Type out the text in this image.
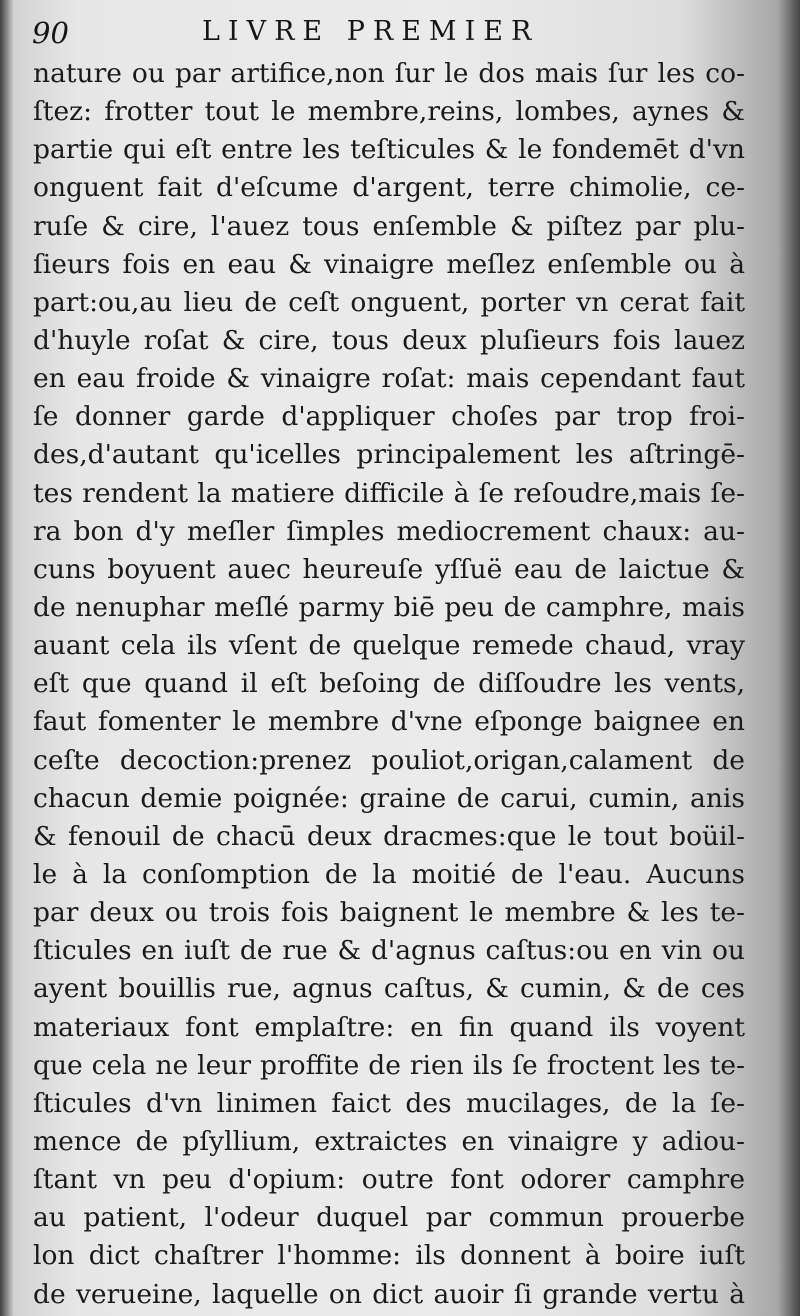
90	LIVRE PREMIER
nature ou par artifice,non ſur le dos mais ſur les co-
ſtez: frotter tout le membre,reins, lombes, aynes &
partie qui eſt entre les teſticules & le fondemēt d'vn
onguent fait d'eſcume d'argent, terre chimolie, ce-
ruſe & cire, l'auez tous enſemble & piſtez par plu-
ſieurs fois en eau & vinaigre meſlez enſemble ou à
part:ou,au lieu de ceſt onguent, porter vn cerat fait
d'huyle roſat & cire, tous deux pluſieurs fois lauez
en eau froide & vinaigre roſat: mais cependant faut
ſe donner garde d'appliquer choſes par trop froi-
des,d'autant qu'icelles principalement les aſtringē-
tes rendent la matiere difficile à ſe reſoudre,mais ſe-
ra bon d'y meſler ſimples mediocrement chaux: au-
cuns boyuent auec heureuſe yſſuë eau de laictue &
de nenuphar meſlé parmy biē peu de camphre, mais
auant cela ils vſent de quelque remede chaud, vray
eſt que quand il eſt beſoing de diſſoudre les vents,
faut fomenter le membre d'vne eſponge baignee en
ceſte decoction:prenez pouliot,origan,calament de
chacun demie poignée: graine de carui, cumin, anis
& fenouil de chacū deux dracmes:que le tout boüil-
le à la conſomption de la moitié de l'eau. Aucuns
par deux ou trois fois baignent le membre & les te-
ſticules en iuſt de rue & d'agnus caſtus:ou en vin ou
ayent bouillis rue, agnus caſtus, & cumin, & de ces
materiaux font emplaſtre: en fin quand ils voyent
que cela ne leur proffite de rien ils ſe froctent les te-
ſticules d'vn linimen faict des mucilages, de la ſe-
mence de pſyllium, extraictes en vinaigre y adiou-
ſtant vn peu d'opium: outre font odorer camphre
au patient, l'odeur duquel par commun prouerbe
lon dict chaſtrer l'homme: ils donnent à boire iuſt
de verueine, laquelle on dict auoir ſi grande vertu à
